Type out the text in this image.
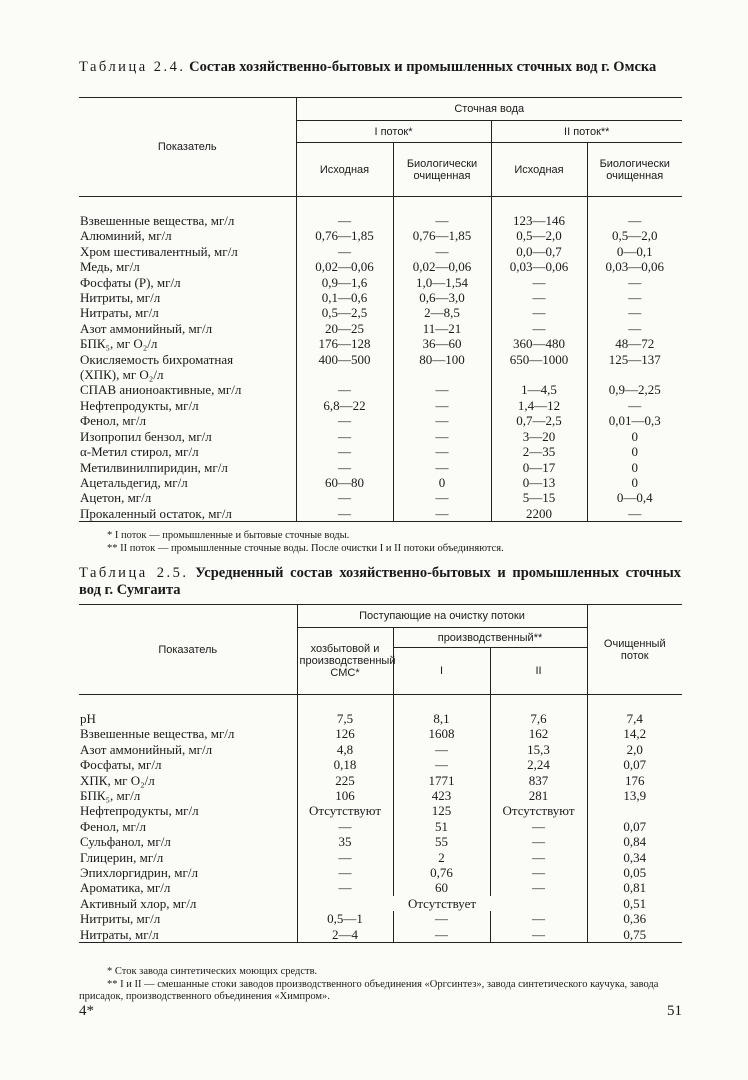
Таблица 2.4. Состав хозяйственно-бытовых и промышленных сточных вод г. Омска
Показатель	Сточная вода			
	I поток*		II поток**	
	Исходная	Биологически очищенная	Исходная	Биологически очищенная

Взвешенные вещества, мг/л	—	—	123—146	—
Алюминий, мг/л	0,76—1,85	0,76—1,85	0,5—2,0	0,5—2,0
Хром шестивалентный, мг/л	—	—	0,0—0,7	0—0,1
Медь, мг/л	0,02—0,06	0,02—0,06	0,03—0,06	0,03—0,06
Фосфаты (P), мг/л	0,9—1,6	1,0—1,54	—	—
Нитриты, мг/л	0,1—0,6	0,6—3,0	—	—
Нитраты, мг/л	0,5—2,5	2—8,5	—	—
Азот аммонийный, мг/л	20—25	11—21	—	—
БПК₅, мг O₂/л	176—128	36—60	360—480	48—72
Окисляемость бихроматная	400—500	80—100	650—1000	125—137
(ХПК), мг O₂/л				
СПАВ анионоактивные, мг/л	—	—	1—4,5	0,9—2,25
Нефтепродукты, мг/л	6,8—22	—	1,4—12	—
Фенол, мг/л	—	—	0,7—2,5	0,01—0,3
Изопропил бензол, мг/л	—	—	3—20	0
α-Метил стирол, мг/л	—	—	2—35	0
Метилвинилпиридин, мг/л	—	—	0—17	0
Ацетальдегид, мг/л	60—80	0	0—13	0
Ацетон, мг/л	—	—	5—15	0—0,4
Прокаленный остаток, мг/л	—	—	2200	—
* I поток — промышленные и бытовые сточные воды.
** II поток — промышленные сточные воды. После очистки I и II потоки объединяются.
Таблица 2.5. Усредненный состав хозяйственно-бытовых и промышленных сточных вод г. Сумгаита
Показатель	Поступающие на очистку потоки			Очищенный поток
	хозбытовой и производственный СМС*	производственный**		
		I	II	

pH	7,5	8,1	7,6	7,4
Взвешенные вещества, мг/л	126	1608	162	14,2
Азот аммонийный, мг/л	4,8	—	15,3	2,0
Фосфаты, мг/л	0,18	—	2,24	0,07
ХПК, мг O₂/л	225	1771	837	176
БПК₅, мг/л	106	423	281	13,9
Нефтепродукты, мг/л	Отсутствуют	125	Отсутствуют	
Фенол, мг/л	—	51	—	0,07
Сульфанол, мг/л	35	55	—	0,84
Глицерин, мг/л	—	2	—	0,34
Эпихлоргидрин, мг/л	—	0,76	—	0,05
Ароматика, мг/л	—	60	—	0,81
Активный хлор, мг/л	Отсутствует			0,51
Нитриты, мг/л	0,5—1	—	—	0,36
Нитраты, мг/л	2—4	—	—	0,75
* Сток завода синтетических моющих средств.
** I и II — смешанные стоки заводов производственного объединения «Оргсинтез», завода синтетического каучука, завода присадок, производственного объединения «Химпром».
4*	51
